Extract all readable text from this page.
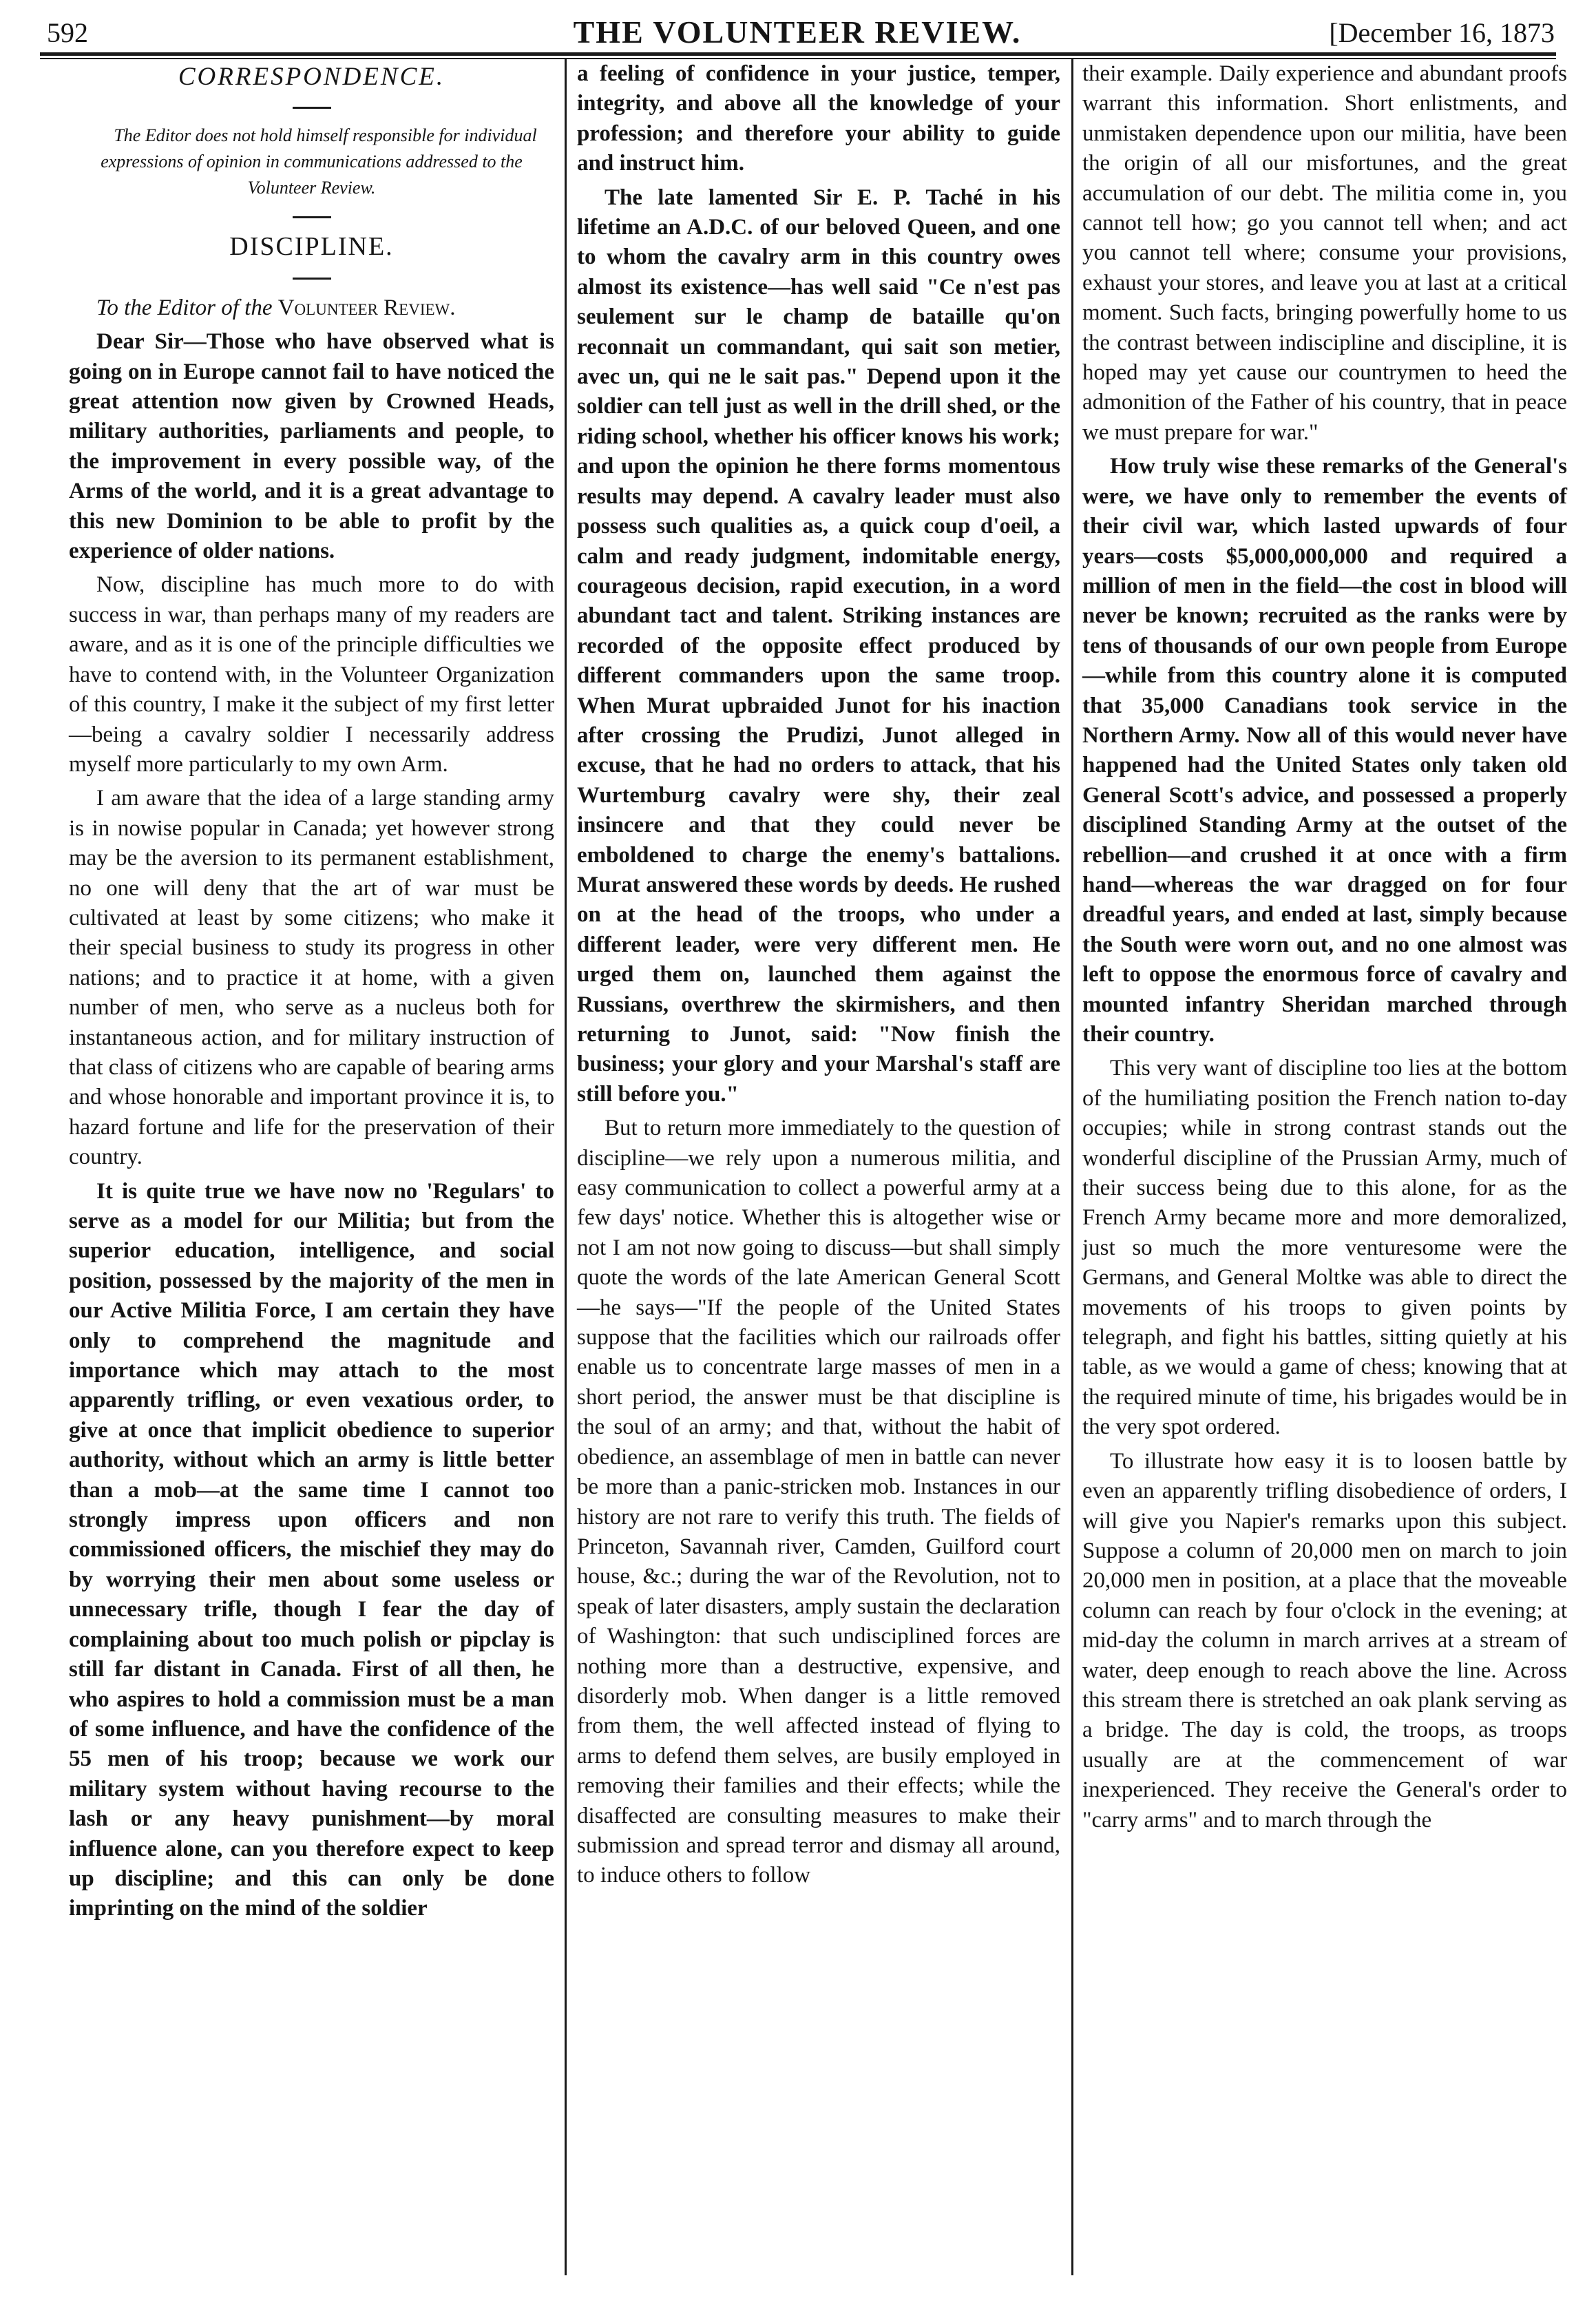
592	THE VOLUNTEER REVIEW.	[December 16, 1873
CORRESPONDENCE.

The Editor does not hold himself responsible for individual expressions of opinion in communications addressed to the Volunteer Review.

DISCIPLINE.

To the Editor of the Volunteer Review.

Dear Sir—Those who have observed what is going on in Europe cannot fail to have noticed the great attention now given by Crowned Heads, military authorities, parliaments and people, to the improvement in every possible way, of the Arms of the world, and it is a great advantage to this new Dominion to be able to profit by the experience of older nations.

Now, discipline has much more to do with success in war, than perhaps many of my readers are aware, and as it is one of the principle difficulties we have to contend with, in the Volunteer Organization of this country, I make it the subject of my first letter—being a cavalry soldier I necessarily address myself more particularly to my own Arm.

I am aware that the idea of a large standing army is in nowise popular in Canada; yet however strong may be the aversion to its permanent establishment, no one will deny that the art of war must be cultivated at least by some citizens; who make it their special business to study its progress in other nations; and to practice it at home, with a given number of men, who serve as a nucleus both for instantaneous action, and for military instruction of that class of citizens who are capable of bearing arms and whose honorable and important province it is, to hazard fortune and life for the preservation of their country.

It is quite true we have now no 'Regulars' to serve as a model for our Militia; but from the superior education, intelligence, and social position, possessed by the majority of the men in our Active Militia Force, I am certain they have only to comprehend the magnitude and importance which may attach to the most apparently trifling, or even vexatious order, to give at once that implicit obedience to superior authority, without which an army is little better than a mob—at the same time I cannot too strongly impress upon officers and non commissioned officers, the mischief they may do by worrying their men about some useless or unnecessary trifle, though I fear the day of complaining about too much polish or pipclay is still far distant in Canada. First of all then, he who aspires to hold a commission must be a man of some influence, and have the confidence of the 55 men of his troop; because we work our military system without having recourse to the lash or any heavy punishment—by moral influence alone, can you therefore expect to keep up discipline; and this can only be done imprinting on the mind of the soldier

a feeling of confidence in your justice, temper, integrity, and above all the knowledge of your profession; and therefore your ability to guide and instruct him.

The late lamented Sir E. P. Taché in his lifetime an A.D.C. of our beloved Queen, and one to whom the cavalry arm in this country owes almost its existence—has well said "Ce n'est pas seulement sur le champ de bataille qu'on reconnait un commandant, qui sait son metier, avec un, qui ne le sait pas." Depend upon it the soldier can tell just as well in the drill shed, or the riding school, whether his officer knows his work; and upon the opinion he there forms momentous results may depend. A cavalry leader must also possess such qualities as, a quick coup d'oeil, a calm and ready judgment, indomitable energy, courageous decision, rapid execution, in a word abundant tact and talent. Striking instances are recorded of the opposite effect produced by different commanders upon the same troop. When Murat upbraided Junot for his inaction after crossing the Prudizi, Junot alleged in excuse, that he had no orders to attack, that his Wurtemburg cavalry were shy, their zeal insincere and that they could never be emboldened to charge the enemy's battalions. Murat answered these words by deeds. He rushed on at the head of the troops, who under a different leader, were very different men. He urged them on, launched them against the Russians, overthrew the skirmishers, and then returning to Junot, said: "Now finish the business; your glory and your Marshal's staff are still before you."

But to return more immediately to the question of discipline—we rely upon a numerous militia, and easy communication to collect a powerful army at a few days' notice. Whether this is altogether wise or not I am not now going to discuss—but shall simply quote the words of the late American General Scott—he says—"If the people of the United States suppose that the facilities which our railroads offer enable us to concentrate large masses of men in a short period, the answer must be that discipline is the soul of an army; and that, without the habit of obedience, an assemblage of men in battle can never be more than a panic-stricken mob. Instances in our history are not rare to verify this truth. The fields of Princeton, Savannah river, Camden, Guilford court house, &c.; during the war of the Revolution, not to speak of later disasters, amply sustain the declaration of Washington: that such undisciplined forces are nothing more than a destructive, expensive, and disorderly mob. When danger is a little removed from them, the well affected instead of flying to arms to defend them selves, are busily employed in removing their families and their effects; while the disaffected are consulting measures to make their submission and spread terror and dismay all around, to induce others to follow

their example. Daily experience and abundant proofs warrant this information. Short enlistments, and unmistaken dependence upon our militia, have been the origin of all our misfortunes, and the great accumulation of our debt. The militia come in, you cannot tell how; go you cannot tell when; and act you cannot tell where; consume your provisions, exhaust your stores, and leave you at last at a critical moment. Such facts, bringing powerfully home to us the contrast between indiscipline and discipline, it is hoped may yet cause our countrymen to heed the admonition of the Father of his country, that in peace we must prepare for war."

How truly wise these remarks of the General's were, we have only to remember the events of their civil war, which lasted upwards of four years—costs $5,000,000,000 and required a million of men in the field—the cost in blood will never be known; recruited as the ranks were by tens of thousands of our own people from Europe—while from this country alone it is computed that 35,000 Canadians took service in the Northern Army. Now all of this would never have happened had the United States only taken old General Scott's advice, and possessed a properly disciplined Standing Army at the outset of the rebellion—and crushed it at once with a firm hand—whereas the war dragged on for four dreadful years, and ended at last, simply because the South were worn out, and no one almost was left to oppose the enormous force of cavalry and mounted infantry Sheridan marched through their country.

This very want of discipline too lies at the bottom of the humiliating position the French nation to-day occupies; while in strong contrast stands out the wonderful discipline of the Prussian Army, much of their success being due to this alone, for as the French Army became more and more demoralized, just so much the more venturesome were the Germans, and General Moltke was able to direct the movements of his troops to given points by telegraph, and fight his battles, sitting quietly at his table, as we would a game of chess; knowing that at the required minute of time, his brigades would be in the very spot ordered.

To illustrate how easy it is to loosen battle by even an apparently trifling disobedience of orders, I will give you Napier's remarks upon this subject. Suppose a column of 20,000 men on march to join 20,000 men in position, at a place that the moveable column can reach by four o'clock in the evening; at mid-day the column in march arrives at a stream of water, deep enough to reach above the line. Across this stream there is stretched an oak plank serving as a bridge. The day is cold, the troops, as troops usually are at the commencement of war inexperienced. They receive the General's order to "carry arms" and to march through the
